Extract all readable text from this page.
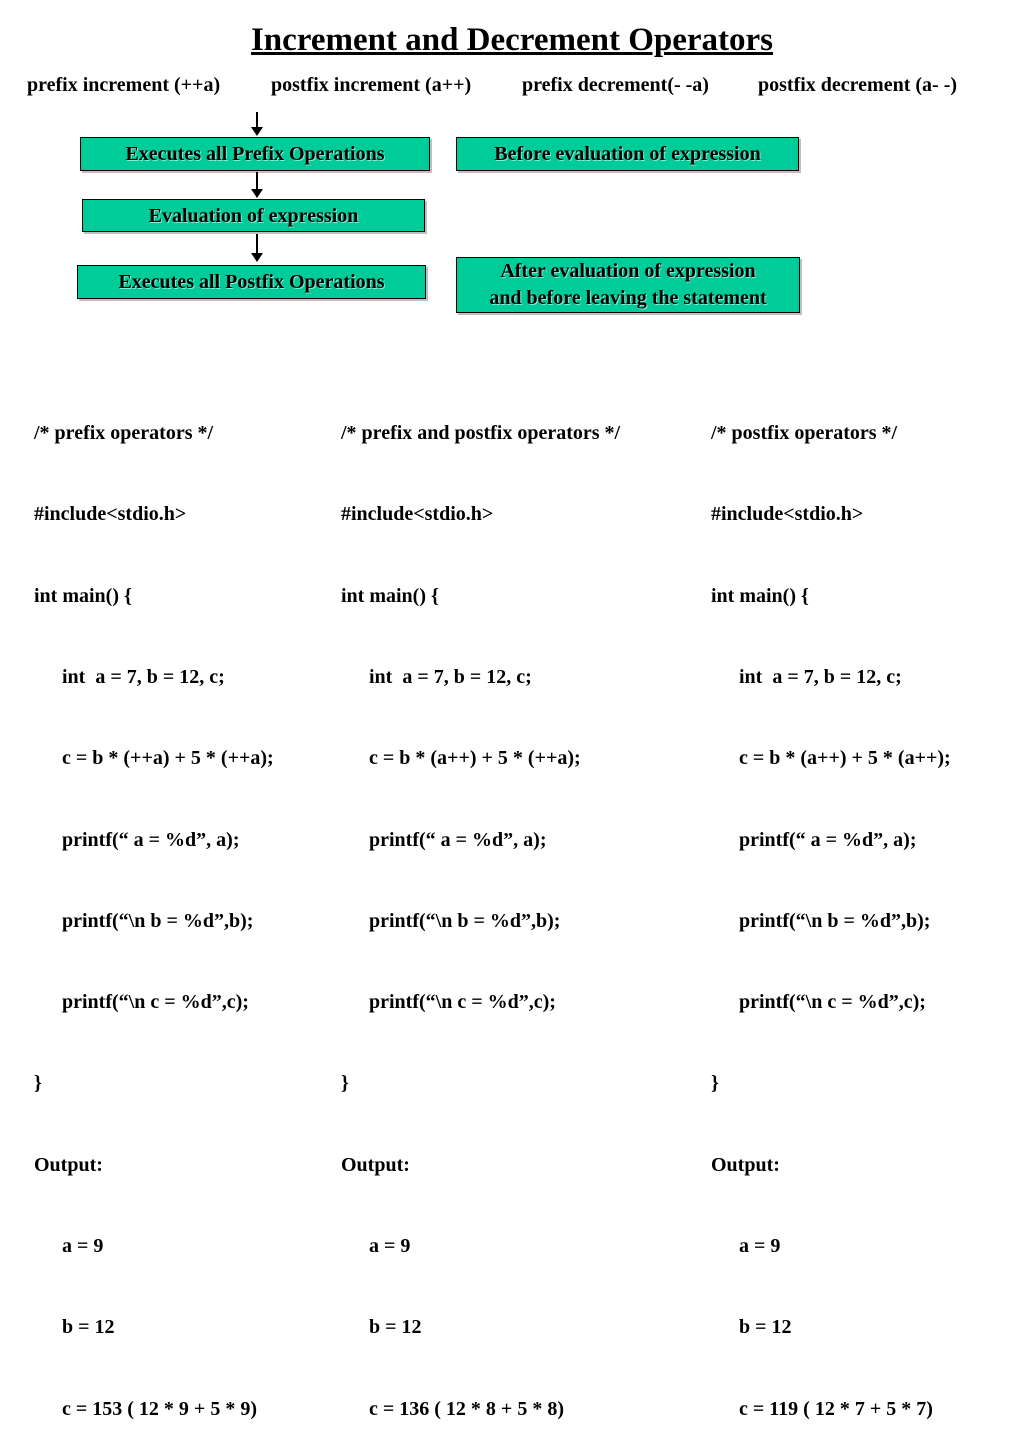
Increment and Decrement Operators
prefix increment (++a)	postfix increment (a++)	prefix decrement(- -a) postfix decrement (a- -)
Executes all Prefix Operations	Before evaluation of expression
Evaluation of expression
Executes all Postfix Operations	After evaluation of expression
and before leaving the statement

/* prefix operators */

#include<stdio.h>

int main() {

int  a = 7, b = 12, c;

c = b * (++a) + 5 * (++a);

printf(“ a = %d”, a);

printf(“\n b = %d”,b);

printf(“\n c = %d”,c);

}

Output:

a = 9

b = 12

c = 153 ( 12 * 9 + 5 * 9)

/* prefix and postfix operators */

#include<stdio.h>

int main() {

int  a = 7, b = 12, c;

c = b * (a++) + 5 * (++a);

printf(“ a = %d”, a);

printf(“\n b = %d”,b);

printf(“\n c = %d”,c);

}

Output:

a = 9

b = 12

c = 136 ( 12 * 8 + 5 * 8)

/* postfix operators */

#include<stdio.h>

int main() {

int  a = 7, b = 12, c;

c = b * (a++) + 5 * (a++);

printf(“ a = %d”, a);

printf(“\n b = %d”,b);

printf(“\n c = %d”,c);

}

Output:

a = 9

b = 12

c = 119 ( 12 * 7 + 5 * 7)
